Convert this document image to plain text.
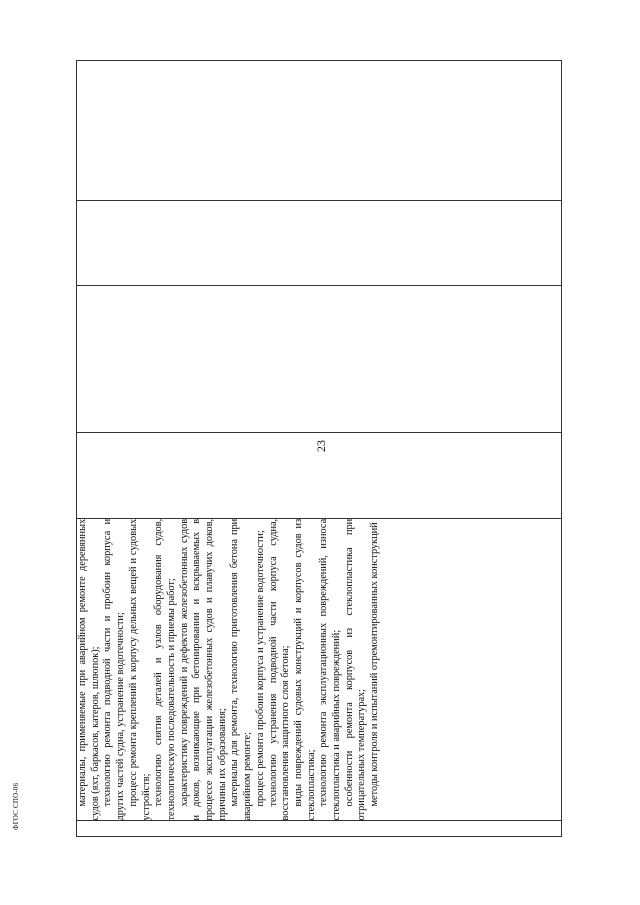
23

материалы, применяемые при аварийном ремонте деревянных судов (яхт, баркасов, катеров, шлюпок); технологию ремонта подводной части и пробоин корпуса и других частей судна, устранение водотечности; процесс ремонта креплений к корпусу дельных вещей и судовых устройств; технологию снятия деталей и узлов оборудования судов, технологическую последовательность и приемы работ; характеристику повреждений и дефектов железобетонных судов и доков, возникающие при бетонировании и вскрываемых в процессе эксплуатации железобетонных судов и плавучих доков, причины их образования; материалы для ремонта, технологию приготовления бетона при аварийном ремонте; процесс ремонта пробоин корпуса и устранение водотечности; технологию устранения подводной части корпуса судна, восстановления защитного слоя бетона; виды повреждений судовых конструкций и корпусов судов из стеклопластика; технологию ремонта эксплуатационных повреждений, износа стеклопластика и аварийных повреждений; особенности ремонта корпусов из стеклопластика при отрицательных температурах; методы контроля и испытаний отремонтированных конструкций

ФГОС СПО-06
